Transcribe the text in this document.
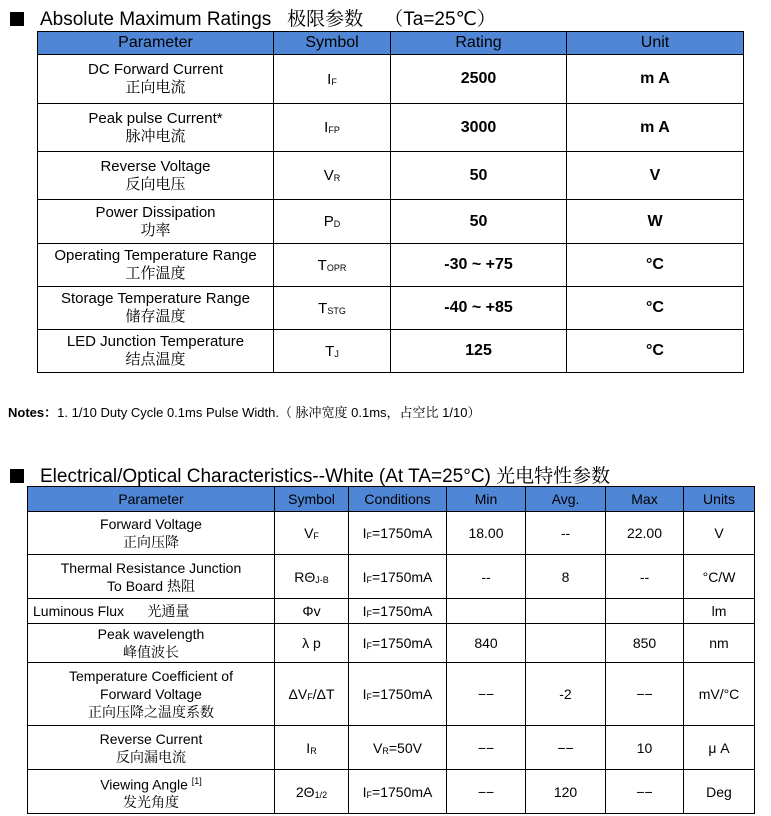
Absolute Maximum Ratings 极限参数 （Ta=25℃）
Parameter	Symbol	Rating	Unit

DC Forward Current
正向电流	$I_F$	2500	m A

Peak pulse Current*
脉冲电流	$I_{FP}$	3000	m A

Reverse Voltage
反向电压	$V_R$	50	V

Power Dissipation
功率	$P_D$	50	W

Operating Temperature Range
工作温度	$T_{OPR}$	-30 ~ +75	°C

Storage Temperature Range
储存温度	$T_{STG}$	-40 ~ +85	°C

LED Junction Temperature
结点温度	$T_J$	125	°C
Notes：1. 1/10 Duty Cycle 0.1ms Pulse Width.（ 脉冲宽度 0.1ms，占空比 1/10）
Electrical/Optical Characteristics--White (At TA=25°C) 光电特性参数
Parameter	Symbol	Conditions	Min	Avg.	Max	Units

Forward Voltage
正向压降	$V_F$	$I_F=1750mA$	18.00	--	22.00	V

Thermal Resistance Junction
To Board 热阻	$R\Theta_{J-B}$	$I_F=1750mA$	--	8	--	°C/W
Luminous Flux 光通量	Φv	$I_F=1750mA$				lm

Peak wavelength
峰值波长	λ p	$I_F=1750mA$	840		850	nm

Temperature Coefficient of
Forward Voltage
正向压降之温度系数	$\Delta V_F/\Delta T$	$I_F=1750mA$	−−	-2	−−	mV/°C

Reverse Current
反向漏电流	$I_R$	$V_R=50V$	−−	−−	10	μ A

Viewing Angle [1]
发光角度	$2\Theta_{1/2}$	$I_F=1750mA$	−−	120	−−	Deg
